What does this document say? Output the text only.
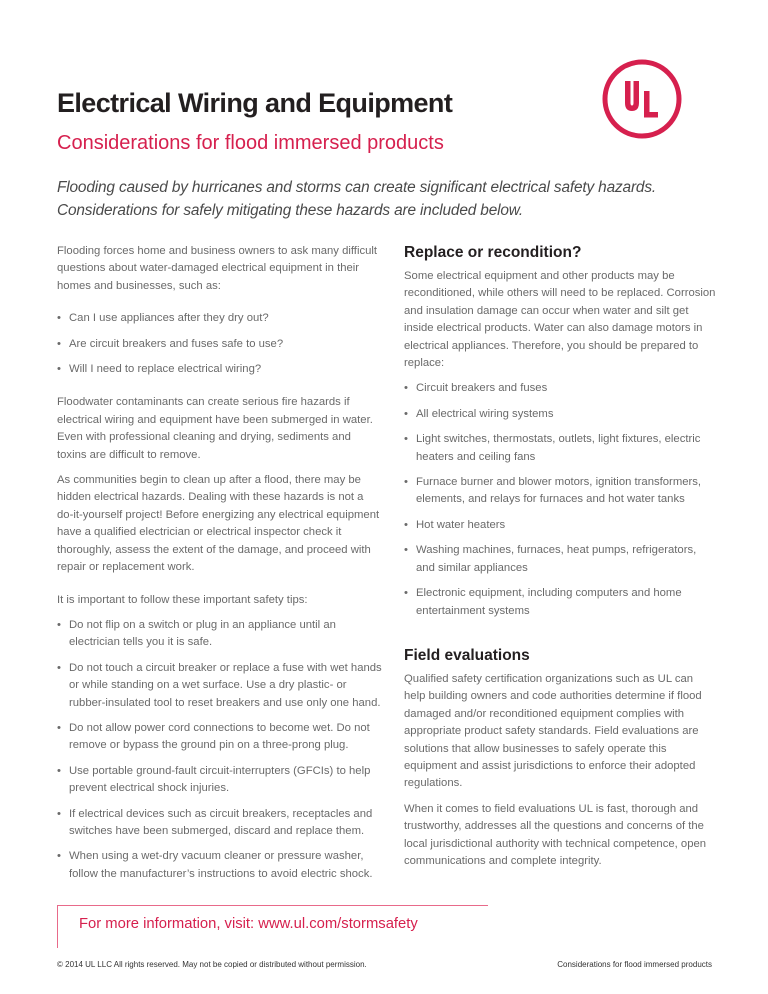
Electrical Wiring and Equipment
Considerations for flood immersed products

Flooding caused by hurricanes and storms can create significant electrical safety hazards. Considerations for safely mitigating these hazards are included below.

Flooding forces home and business owners to ask many difficult questions about water-damaged electrical equipment in their homes and businesses, such as:

• Can I use appliances after they dry out?
• Are circuit breakers and fuses safe to use?
• Will I need to replace electrical wiring?

Floodwater contaminants can create serious fire hazards if electrical wiring and equipment have been submerged in water. Even with professional cleaning and drying, sediments and toxins are difficult to remove.

As communities begin to clean up after a flood, there may be hidden electrical hazards. Dealing with these hazards is not a do-it-yourself project! Before energizing any electrical equipment have a qualified electrician or electrical inspector check it thoroughly, assess the extent of the damage, and proceed with repair or replacement work.

It is important to follow these important safety tips:

• Do not flip on a switch or plug in an appliance until an electrician tells you it is safe.
• Do not touch a circuit breaker or replace a fuse with wet hands or while standing on a wet surface. Use a dry plastic- or rubber-insulated tool to reset breakers and use only one hand.
• Do not allow power cord connections to become wet. Do not remove or bypass the ground pin on a three-prong plug.
• Use portable ground-fault circuit-interrupters (GFCIs) to help prevent electrical shock injuries.
• If electrical devices such as circuit breakers, receptacles and switches have been submerged, discard and replace them.
• When using a wet-dry vacuum cleaner or pressure washer, follow the manufacturer’s instructions to avoid electric shock.
Replace or recondition?

Some electrical equipment and other products may be reconditioned, while others will need to be replaced. Corrosion and insulation damage can occur when water and silt get inside electrical products. Water can also damage motors in electrical appliances. Therefore, you should be prepared to replace:

• Circuit breakers and fuses
• All electrical wiring systems
• Light switches, thermostats, outlets, light fixtures, electric heaters and ceiling fans
• Furnace burner and blower motors, ignition transformers, elements, and relays for furnaces and hot water tanks
• Hot water heaters
• Washing machines, furnaces, heat pumps, refrigerators, and similar appliances
• Electronic equipment, including computers and home entertainment systems
Field evaluations

Qualified safety certification organizations such as UL can help building owners and code authorities determine if flood damaged and/or reconditioned equipment complies with appropriate product safety standards. Field evaluations are solutions that allow businesses to safely operate this equipment and assist jurisdictions to enforce their adopted regulations.

When it comes to field evaluations UL is fast, thorough and trustworthy, addresses all the questions and concerns of the local jurisdictional authority with technical competence, open communications and complete integrity.

For more information, visit: www.ul.com/stormsafety

© 2014 UL LLC All rights reserved. May not be copied or distributed without permission.	Considerations for flood immersed products
